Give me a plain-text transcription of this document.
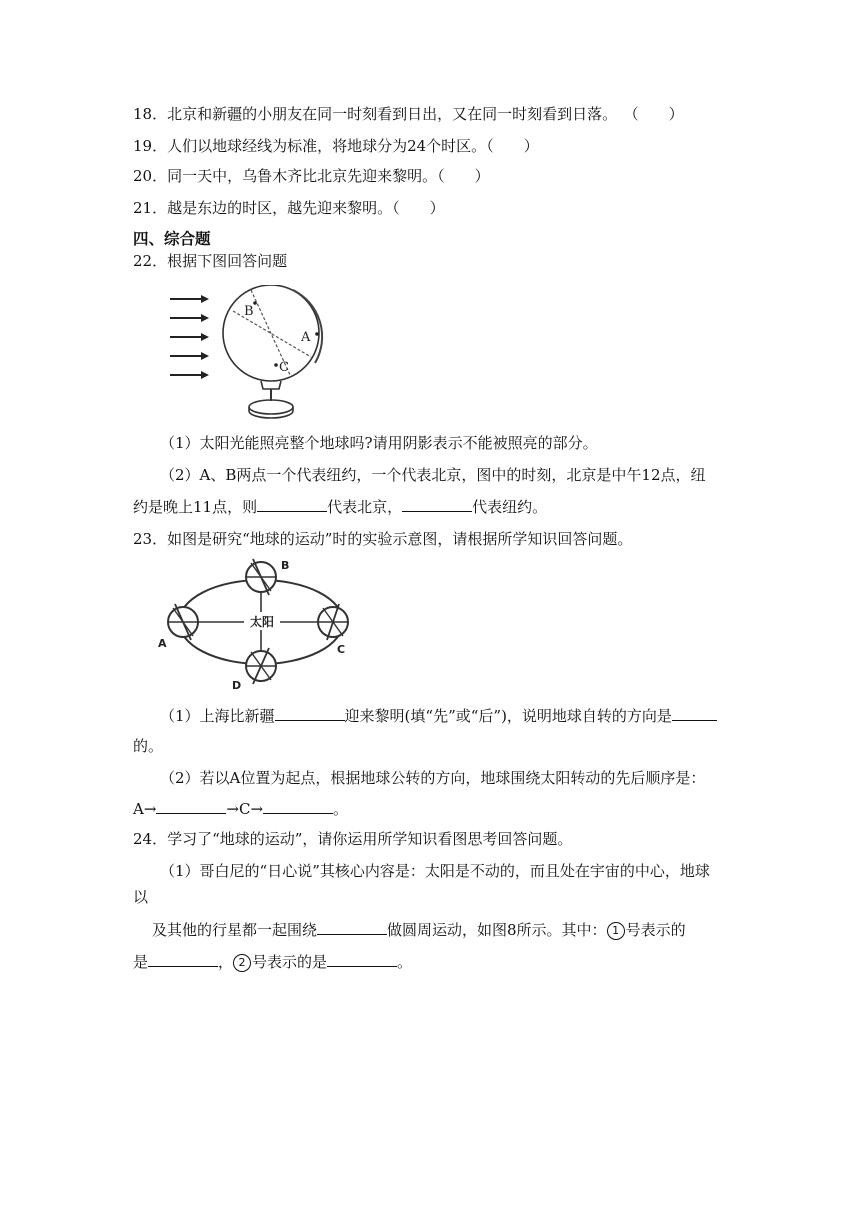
18．北京和新疆的小朋友在同一时刻看到日出，又在同一时刻看到日落。 （　　）
19．人们以地球经线为标准，将地球分为24个时区。（　　）
20．同一天中，乌鲁木齐比北京先迎来黎明。（　　）
21．越是东边的时区，越先迎来黎明。（　　）
四、综合题
22．根据下图回答问题
B
A
C
（1）太阳光能照亮整个地球吗?请用阴影表示不能被照亮的部分。
（2）A、B两点一个代表纽约，一个代表北京，图中的时刻，北京是中午12点，纽
约是晚上11点，则	代表北京，	代表纽约。
23．如图是研究“地球的运动”时的实验示意图，请根据所学知识回答问题。
太阳
B
A	C
D
（1）上海比新疆	迎来黎明(填“先”或“后”)，说明地球自转的方向是
的。
（2）若以A位置为起点，根据地球公转的方向，地球围绕太阳转动的先后顺序是：
A→	→C→	。
24．学习了“地球的运动”，请你运用所学知识看图思考回答问题。
（1）哥白尼的“日心说”其核心内容是：太阳是不动的，而且处在宇宙的中心，地球
以
及其他的行星都一起围绕	做圆周运动，如图8所示。其中： 1 号表示的
是	， 2 号表示的是	。
